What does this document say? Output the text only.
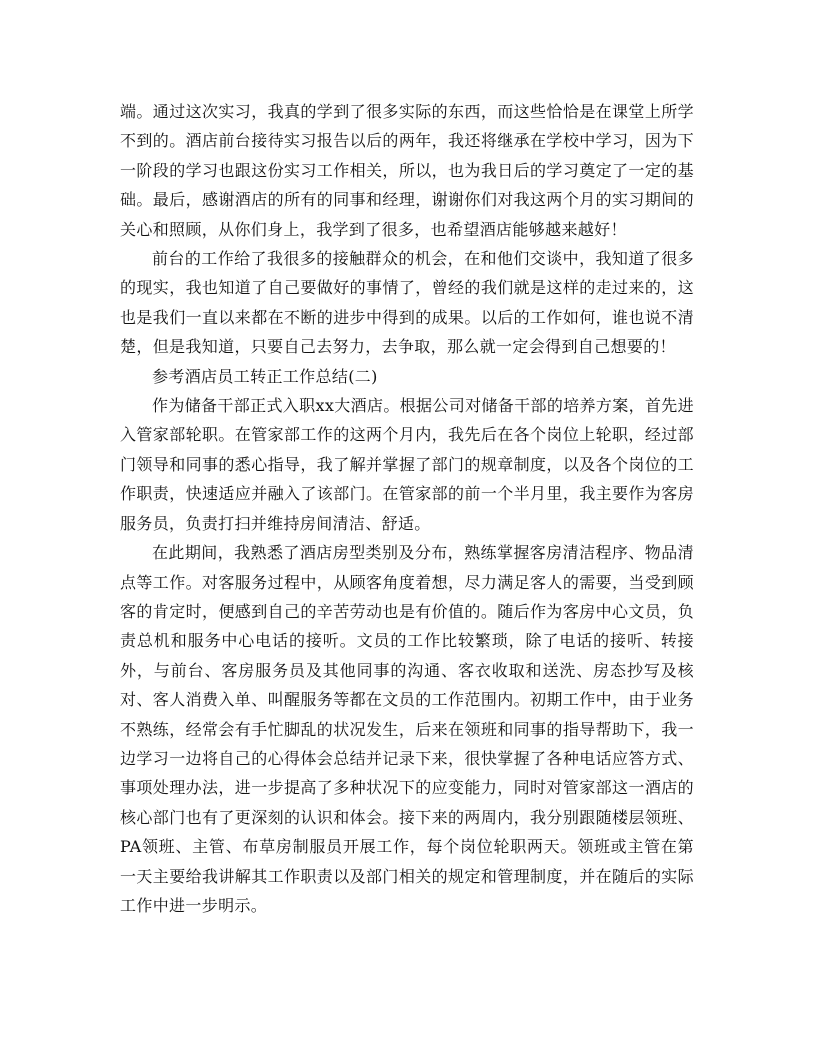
端。通过这次实习，我真的学到了很多实际的东西，而这些恰恰是在课堂上所学不到的。酒店前台接待实习报告以后的两年，我还将继承在学校中学习，因为下一阶段的学习也跟这份实习工作相关，所以，也为我日后的学习奠定了一定的基础。最后，感谢酒店的所有的同事和经理，谢谢你们对我这两个月的实习期间的关心和照顾，从你们身上，我学到了很多，也希望酒店能够越来越好！

前台的工作给了我很多的接触群众的机会，在和他们交谈中，我知道了很多的现实，我也知道了自己要做好的事情了，曾经的我们就是这样的走过来的，这也是我们一直以来都在不断的进步中得到的成果。以后的工作如何，谁也说不清楚，但是我知道，只要自己去努力，去争取，那么就一定会得到自己想要的！

参考酒店员工转正工作总结(二)

作为储备干部正式入职xx大酒店。根据公司对储备干部的培养方案，首先进入管家部轮职。在管家部工作的这两个月内，我先后在各个岗位上轮职，经过部门领导和同事的悉心指导，我了解并掌握了部门的规章制度，以及各个岗位的工作职责，快速适应并融入了该部门。在管家部的前一个半月里，我主要作为客房服务员，负责打扫并维持房间清洁、舒适。

在此期间，我熟悉了酒店房型类别及分布，熟练掌握客房清洁程序、物品清点等工作。对客服务过程中，从顾客角度着想，尽力满足客人的需要，当受到顾客的肯定时，便感到自己的辛苦劳动也是有价值的。随后作为客房中心文员，负责总机和服务中心电话的接听。文员的工作比较繁琐，除了电话的接听、转接外，与前台、客房服务员及其他同事的沟通、客衣收取和送洗、房态抄写及核对、客人消费入单、叫醒服务等都在文员的工作范围内。初期工作中，由于业务不熟练，经常会有手忙脚乱的状况发生，后来在领班和同事的指导帮助下，我一边学习一边将自己的心得体会总结并记录下来，很快掌握了各种电话应答方式、事项处理办法，进一步提高了多种状况下的应变能力，同时对管家部这一酒店的核心部门也有了更深刻的认识和体会。接下来的两周内，我分别跟随楼层领班、PA领班、主管、布草房制服员开展工作，每个岗位轮职两天。领班或主管在第一天主要给我讲解其工作职责以及部门相关的规定和管理制度，并在随后的实际工作中进一步明示。
